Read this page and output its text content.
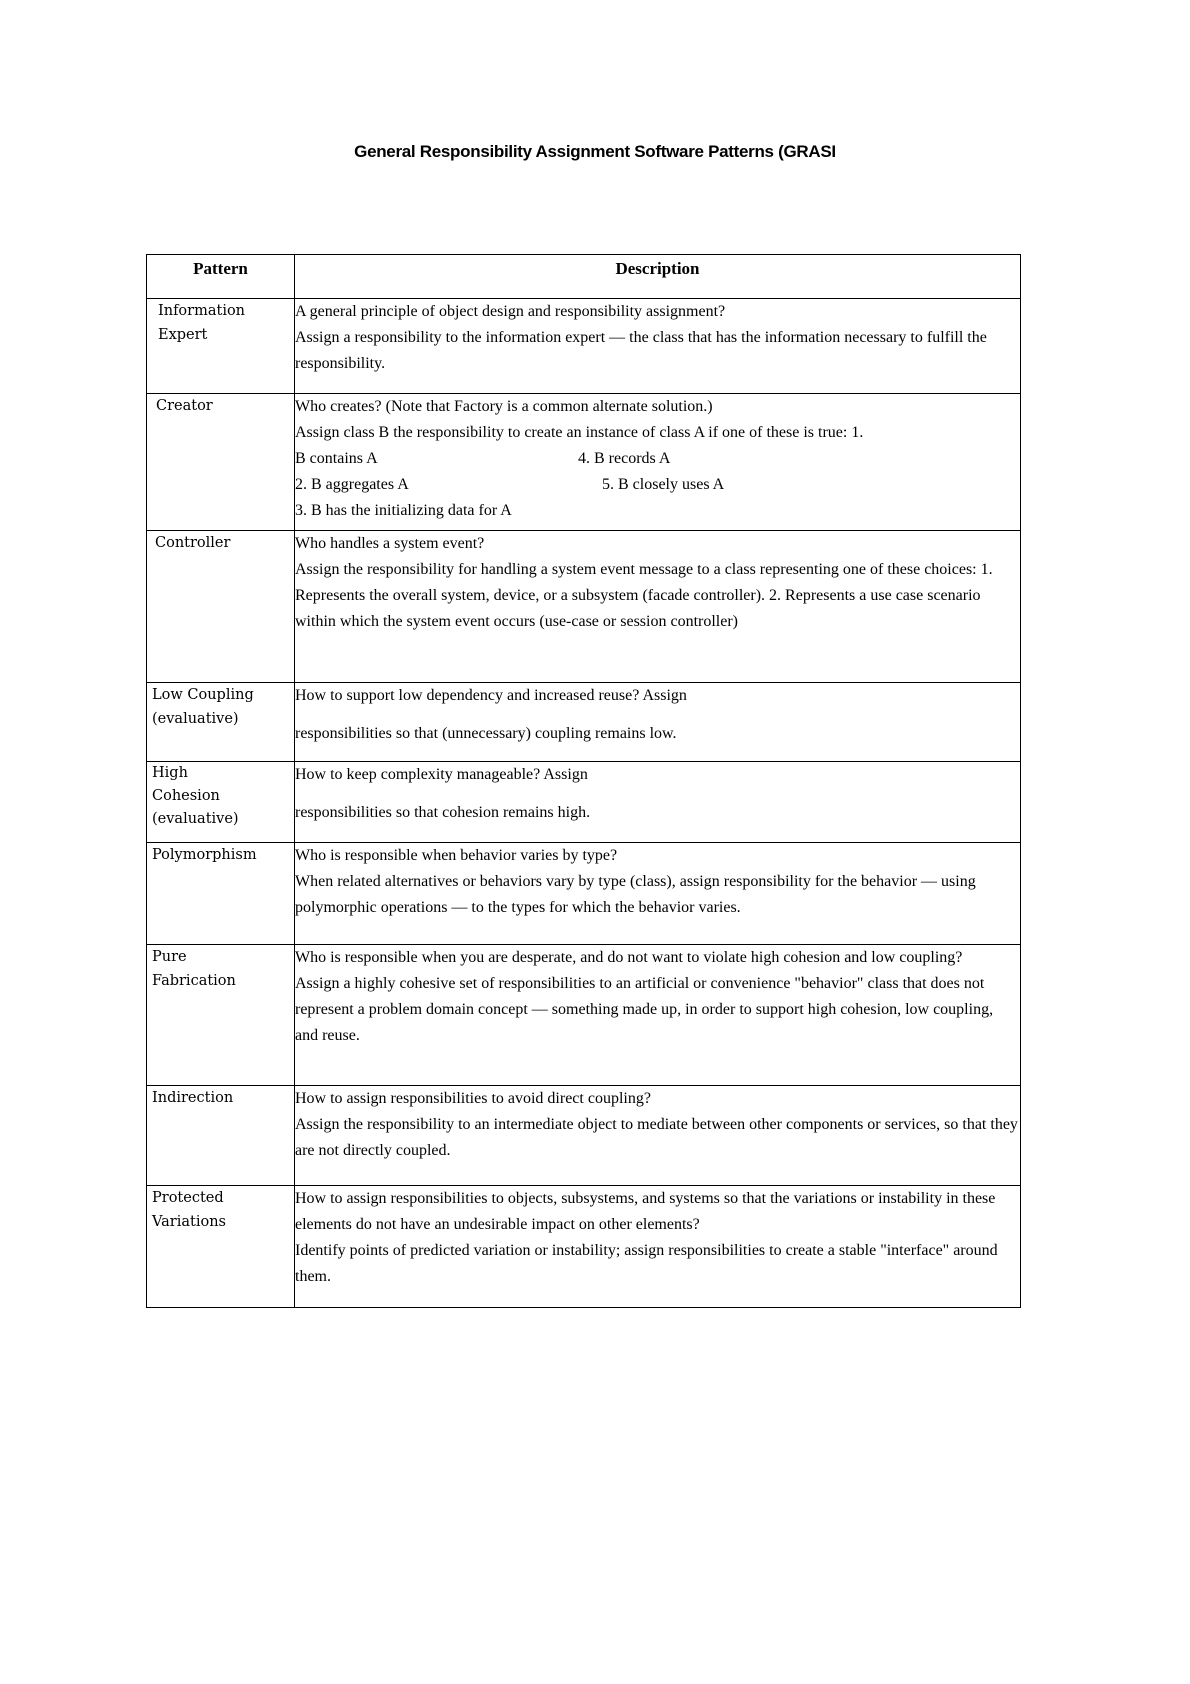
General Responsibility Assignment Software Patterns (GRASI
Pattern	Description

Information
Expert	A general principle of object design and responsibility assignment?
Assign a responsibility to the information expert — the class that has the information necessary to fulfill the responsibility.

Creator	Who creates? (Note that Factory is a common alternate solution.)
Assign class B the responsibility to create an instance of class A if one of these is true: 1.
B contains A 4. B records A
2. B aggregates A 5. B closely uses A
3. B has the initializing data for A

Controller	Who handles a system event?
Assign the responsibility for handling a system event message to a class representing one of these choices: 1. Represents the overall system, device, or a subsystem (facade controller). 2. Represents a use case scenario within which the system event occurs (use-case or session controller)

Low Coupling
(evaluative)	How to support low dependency and increased reuse? Assign
responsibilities so that (unnecessary) coupling remains low.

High
Cohesion
(evaluative)	How to keep complexity manageable? Assign
responsibilities so that cohesion remains high.

Polymorphism	Who is responsible when behavior varies by type?
When related alternatives or behaviors vary by type (class), assign responsibility for the behavior — using polymorphic operations — to the types for which the behavior varies.

Pure
Fabrication	Who is responsible when you are desperate, and do not want to violate high cohesion and low coupling?
Assign a highly cohesive set of responsibilities to an artificial or convenience "behavior" class that does not represent a problem domain concept — something made up, in order to support high cohesion, low coupling, and reuse.

Indirection	How to assign responsibilities to avoid direct coupling?
Assign the responsibility to an intermediate object to mediate between other components or services, so that they are not directly coupled.

Protected
Variations	How to assign responsibilities to objects, subsystems, and systems so that the variations or instability in these elements do not have an undesirable impact on other elements?
Identify points of predicted variation or instability; assign responsibilities to create a stable "interface" around them.
